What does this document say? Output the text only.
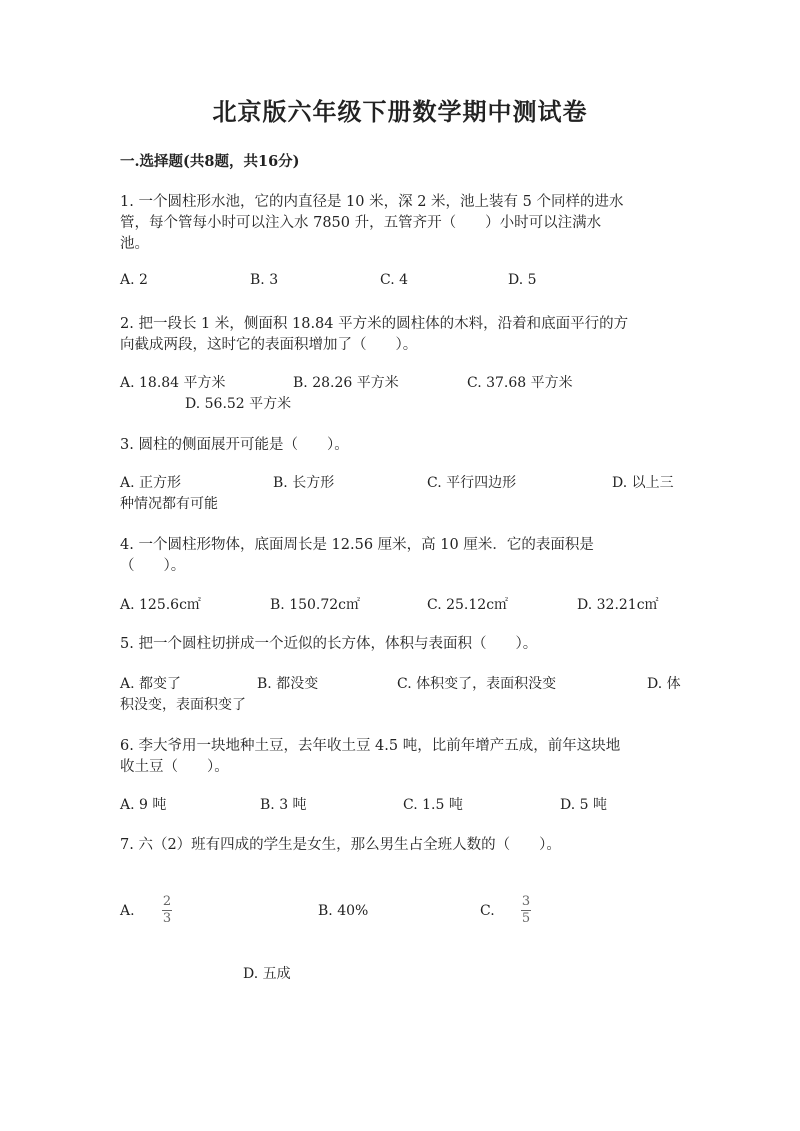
北京版六年级下册数学期中测试卷
一.选择题(共8题，共16分)
1. 一个圆柱形水池，它的内直径是 10 米，深 2 米，池上装有 5 个同样的进水
管，每个管每小时可以注入水 7850 升，五管齐开（　　）小时可以注满水
池。
A. 2	B. 3	C. 4	D. 5
2. 把一段长 1 米，侧面积 18.84 平方米的圆柱体的木料，沿着和底面平行的方
向截成两段，这时它的表面积增加了（　　）。
A. 18.84 平方米	B. 28.26 平方米	C. 37.68 平方米
D. 56.52 平方米
3. 圆柱的侧面展开可能是（　　）。
A. 正方形	B. 长方形	C. 平行四边形	D. 以上三
种情况都有可能
4. 一个圆柱形物体，底面周长是 12.56 厘米，高 10 厘米．它的表面积是
（　　）。
A. 125.6c㎡	B. 150.72c㎡	C. 25.12c㎡	D. 32.21c㎡
5. 把一个圆柱切拼成一个近似的长方体，体积与表面积（　　）。
A. 都变了	B. 都没变	C. 体积变了，表面积没变	D. 体
积没变，表面积变了
6. 李大爷用一块地种土豆，去年收土豆 4.5 吨，比前年增产五成，前年这块地
收土豆（　　）。
A. 9 吨	B. 3 吨	C. 1.5 吨	D. 5 吨
7. 六（2）班有四成的学生是女生，那么男生占全班人数的（　　）。
A.
2
3	B. 40%	C.
3
5
D. 五成
